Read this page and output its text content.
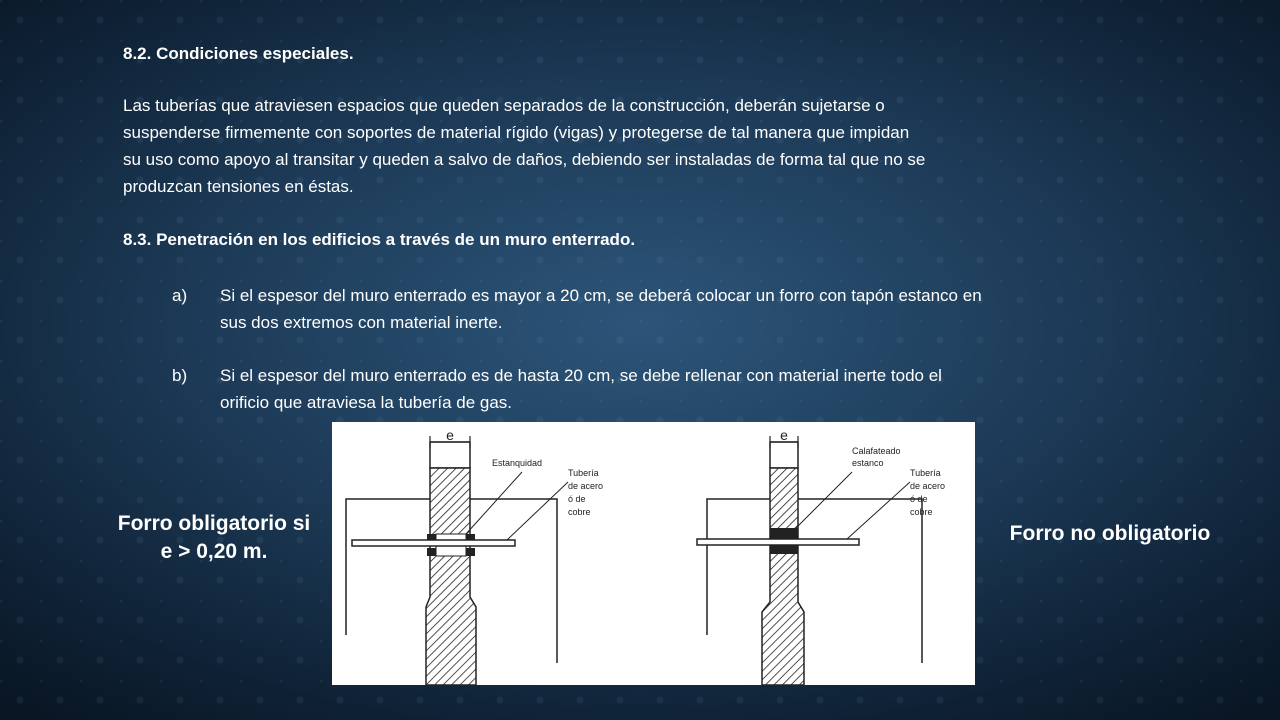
8.2. Condiciones especiales.
Las tuberías que atraviesen espacios que queden separados de la construcción, deberán sujetarse o
suspenderse firmemente con soportes de material rígido (vigas) y protegerse de tal manera que impidan
su uso como apoyo al transitar y queden a salvo de daños, debiendo ser instaladas de forma tal que no se
produzcan tensiones en éstas.
8.3. Penetración en los edificios a través de un muro enterrado.
a) Si el espesor del muro enterrado es mayor a 20 cm, se deberá colocar un forro con tapón estanco en
sus dos extremos con material inerte.
b) Si el espesor del muro enterrado es de hasta 20 cm, se debe rellenar con material inerte todo el
orificio que atraviesa la tubería de gas.
Forro obligatorio si
e > 0,20 m.
Forro no obligatorio
e
Estanquidad
Tubería
de acero
ó de
cobre
e
Calafateado
estanco
Tubería
de acero
ó de
cobre
